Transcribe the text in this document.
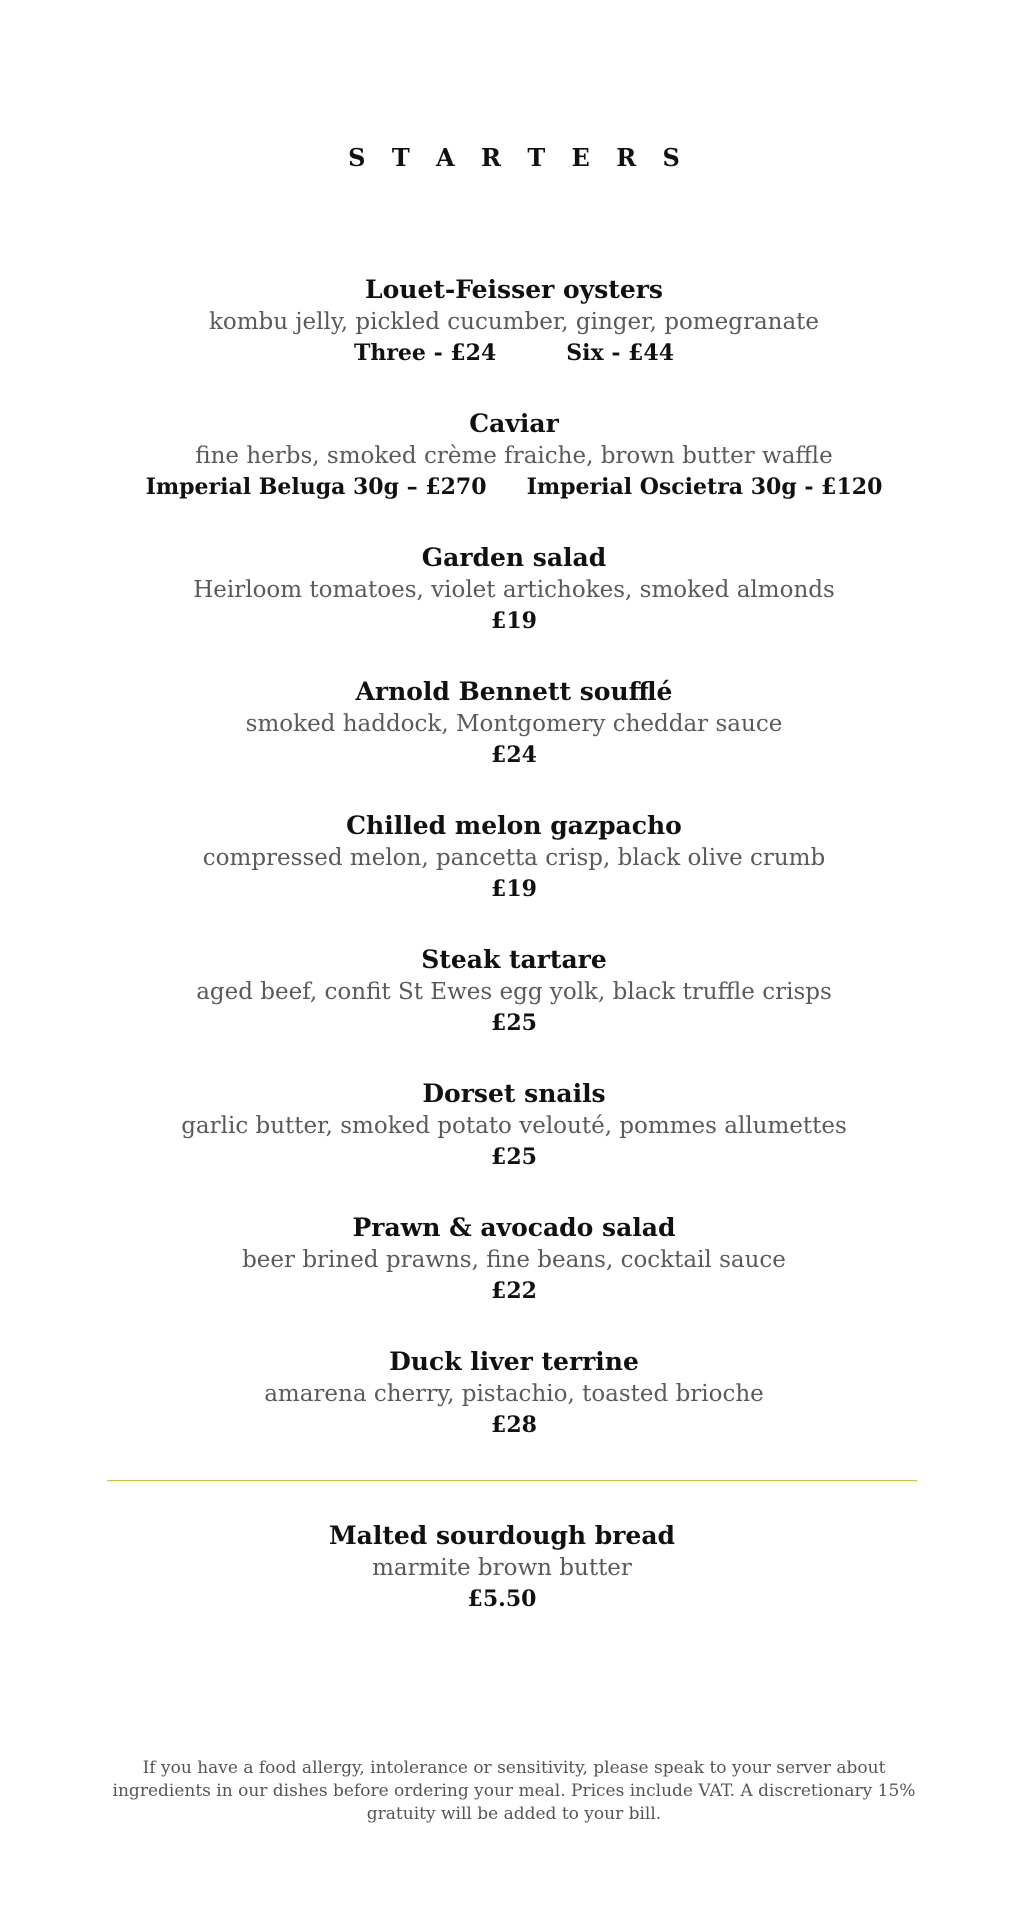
S T A R T E R S
Louet-Feisser oysters
kombu jelly, pickled cucumber, ginger, pomegranate
Three - £24	Six - £44
Caviar
fine herbs, smoked crème fraiche, brown butter waffle
Imperial Beluga 30g – £270 Imperial Oscietra 30g - £120
Garden salad
Heirloom tomatoes, violet artichokes, smoked almonds
£19
Arnold Bennett soufflé
smoked haddock, Montgomery cheddar sauce
£24
Chilled melon gazpacho
compressed melon, pancetta crisp, black olive crumb
£19
Steak tartare
aged beef, confit St Ewes egg yolk, black truffle crisps
£25
Dorset snails
garlic butter, smoked potato velouté, pommes allumettes
£25
Prawn & avocado salad
beer brined prawns, fine beans, cocktail sauce
£22
Duck liver terrine
amarena cherry, pistachio, toasted brioche
£28
Malted sourdough bread
marmite brown butter
£5.50
If you have a food allergy, intolerance or sensitivity, please speak to your server about ingredients in our dishes before ordering your meal. Prices include VAT. A discretionary 15% gratuity will be added to your bill.
